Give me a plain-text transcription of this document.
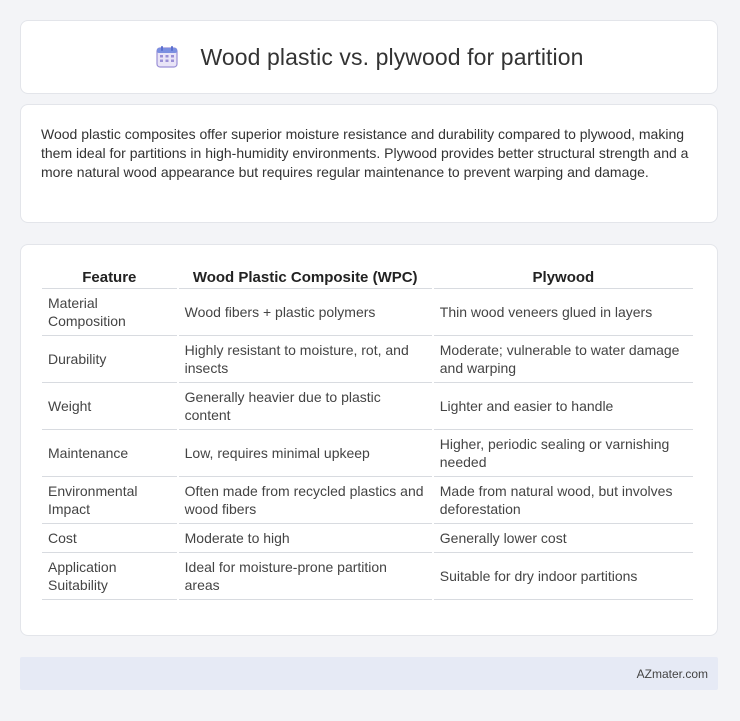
Wood plastic vs. plywood for partition

Wood plastic composites offer superior moisture resistance and durability compared to plywood, making them ideal for partitions in high-humidity environments. Plywood provides better structural strength and a more natural wood appearance but requires regular maintenance to prevent warping and damage.

Feature	Wood Plastic Composite (WPC)	Plywood
Material Composition	Wood fibers + plastic polymers	Thin wood veneers glued in layers
Durability	Highly resistant to moisture, rot, and insects	Moderate; vulnerable to water damage and warping
Weight	Generally heavier due to plastic content	Lighter and easier to handle
Maintenance	Low, requires minimal upkeep	Higher, periodic sealing or varnishing needed
Environmental Impact	Often made from recycled plastics and wood fibers	Made from natural wood, but involves deforestation
Cost	Moderate to high	Generally lower cost
Application Suitability	Ideal for moisture-prone partition areas	Suitable for dry indoor partitions
AZmater.com
